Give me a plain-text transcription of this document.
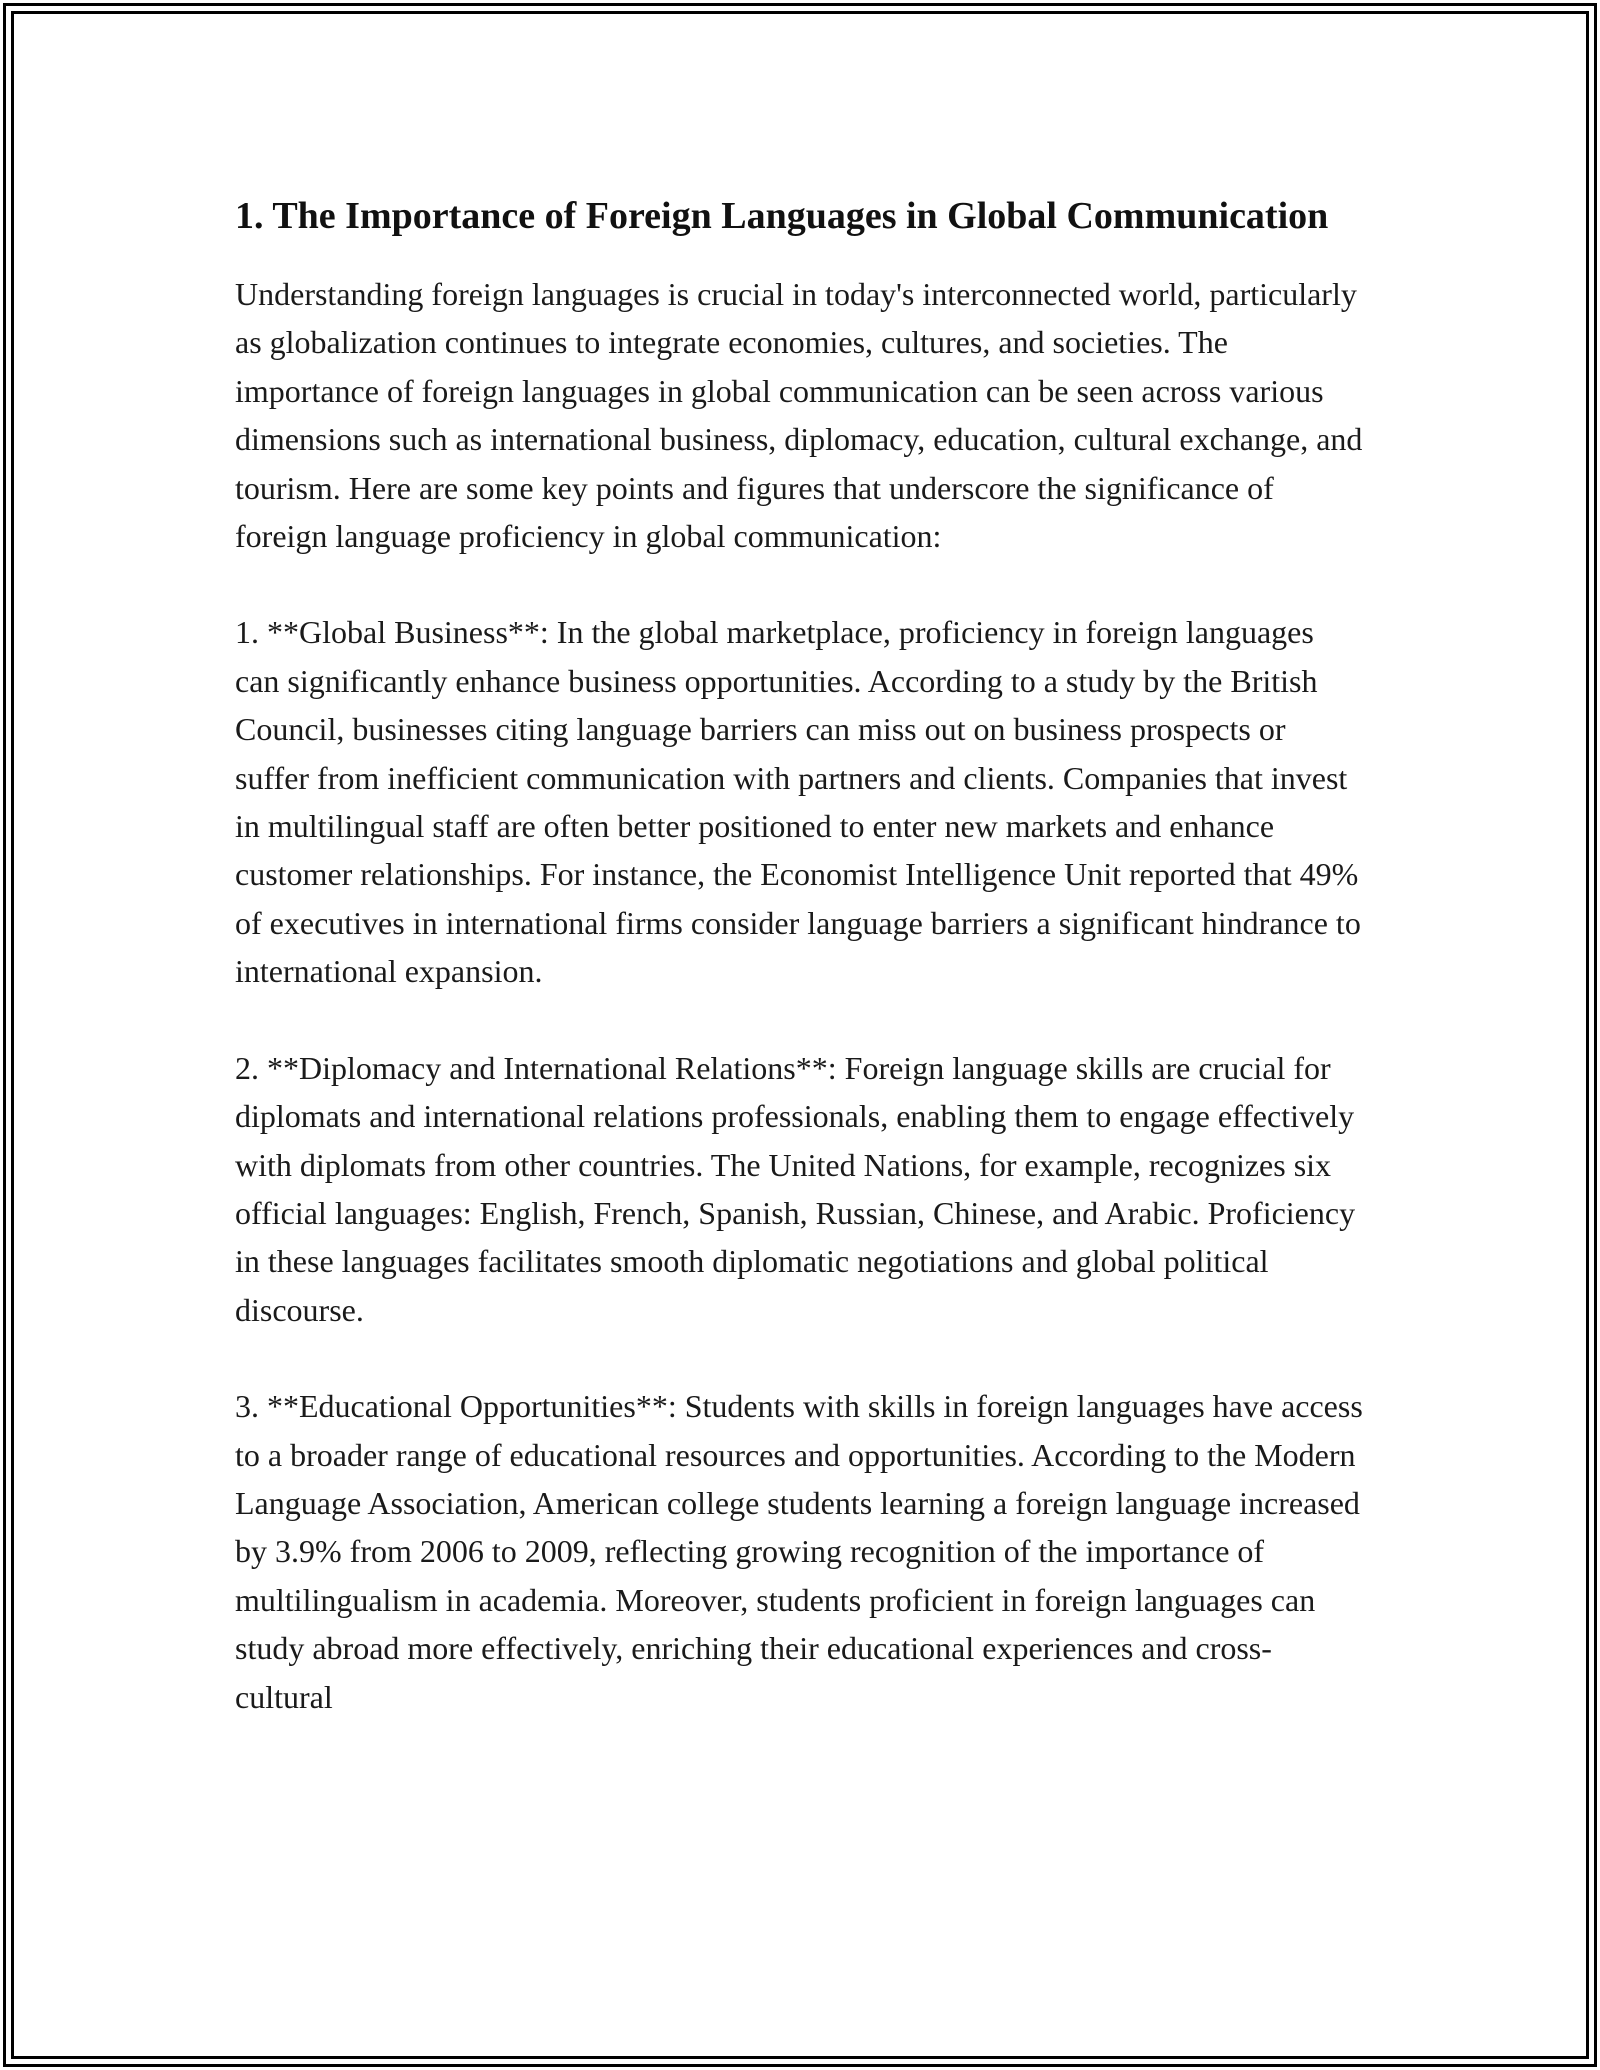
1. The Importance of Foreign Languages in Global Communication

Understanding foreign languages is crucial in today's interconnected world, particularly as globalization continues to integrate economies, cultures, and societies. The importance of foreign languages in global communication can be seen across various dimensions such as international business, diplomacy, education, cultural exchange, and tourism. Here are some key points and figures that underscore the significance of foreign language proficiency in global communication:

1. **Global Business**: In the global marketplace, proficiency in foreign languages can significantly enhance business opportunities. According to a study by the British Council, businesses citing language barriers can miss out on business prospects or suffer from inefficient communication with partners and clients. Companies that invest in multilingual staff are often better positioned to enter new markets and enhance customer relationships. For instance, the Economist Intelligence Unit reported that 49% of executives in international firms consider language barriers a significant hindrance to international expansion.

2. **Diplomacy and International Relations**: Foreign language skills are crucial for diplomats and international relations professionals, enabling them to engage effectively with diplomats from other countries. The United Nations, for example, recognizes six official languages: English, French, Spanish, Russian, Chinese, and Arabic. Proficiency in these languages facilitates smooth diplomatic negotiations and global political discourse.

3. **Educational Opportunities**: Students with skills in foreign languages have access to a broader range of educational resources and opportunities. According to the Modern Language Association, American college students learning a foreign language increased by 3.9% from 2006 to 2009, reflecting growing recognition of the importance of multilingualism in academia. Moreover, students proficient in foreign languages can study abroad more effectively, enriching their educational experiences and cross-cultural
